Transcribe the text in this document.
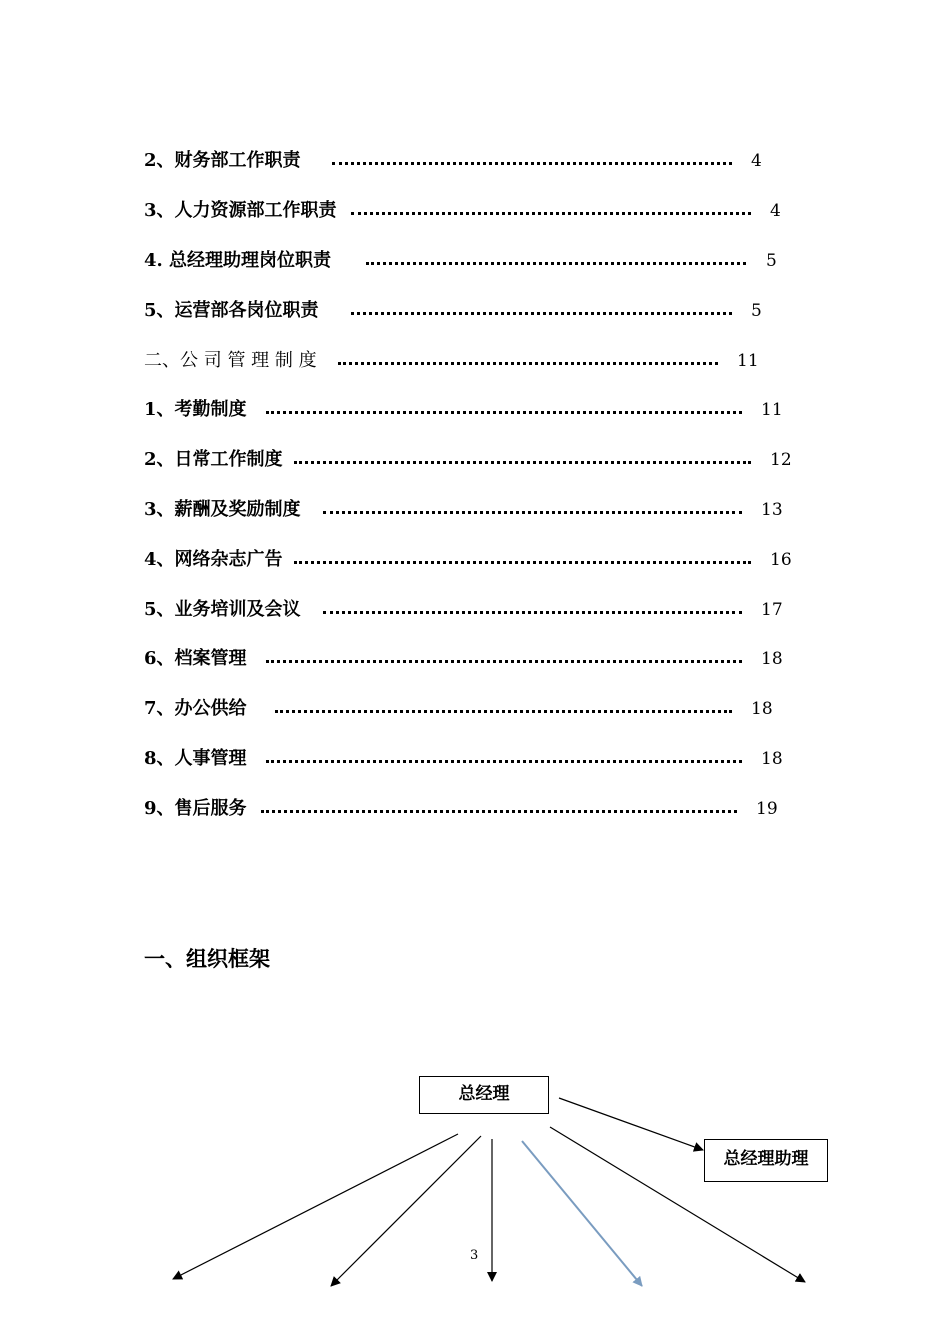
2、财务部工作职责	4
3、人力资源部工作职责	4
4. 总经理助理岗位职责	5
5、运营部各岗位职责	5
二、公 司 管 理 制 度	11
1、考勤制度	11
2、日常工作制度	12
3、薪酬及奖励制度	13
4、网络杂志广告	16
5、业务培训及会议	17
6、档案管理	18
7、办公供给	18
8、人事管理	18
9、售后服务	19
一、组织框架
总经理
总经理助理
3
